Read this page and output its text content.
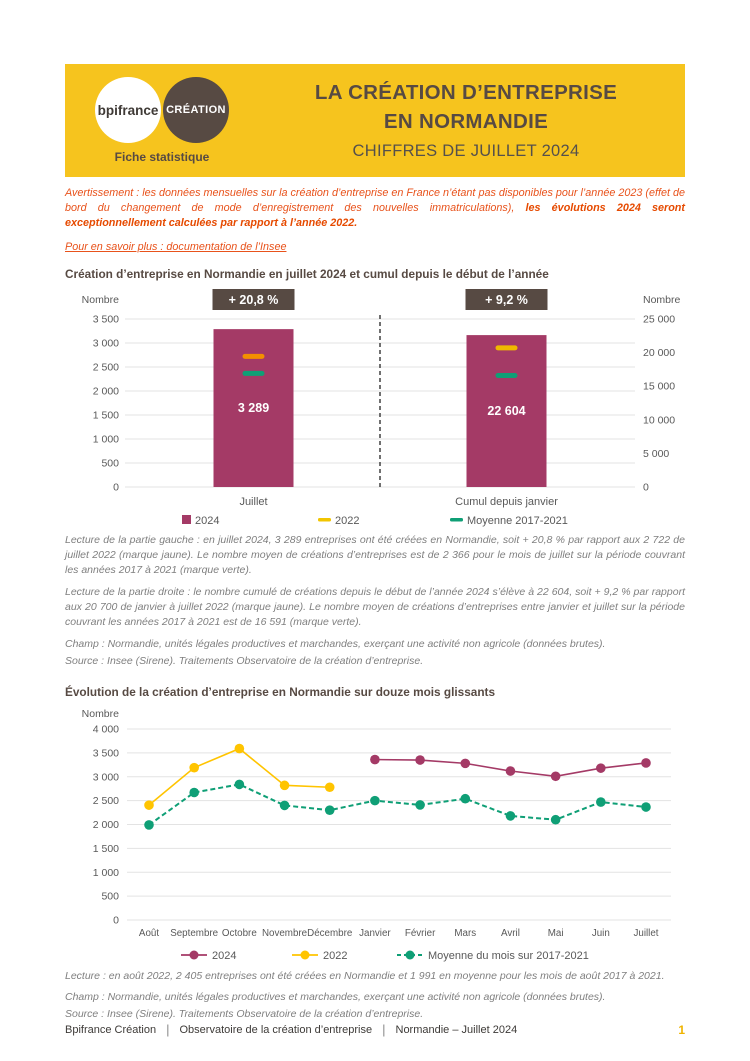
bpifrance CRÉATION
Fiche statistique
LA CRÉATION D’ENTREPRISE
EN NORMANDIE
CHIFFRES DE JUILLET 2024

Avertissement : les données mensuelles sur la création d’entreprise en France n’étant pas disponibles pour l’année 2023 (effet de bord du changement de mode d’enregistrement des nouvelles immatriculations), les évolutions 2024 seront exceptionnellement calculées par rapport à l’année 2022.

Pour en savoir plus : documentation de l’Insee

Création d’entreprise en Normandie en juillet 2024 et cumul depuis le début de l’année
3 500
3 000
2 500
2 000
1 500
1 000
500
0
25 000
20 000
15 000
10 000
5 000
0
Nombre	Nombre
+ 20,8 %
3 289
Juillet
+ 9,2 %
22 604
Cumul depuis janvier
2024	2022	Moyenne 2017-2021

Lecture de la partie gauche : en juillet 2024, 3 289 entreprises ont été créées en Normandie, soit + 20,8 % par rapport aux 2 722 de juillet 2022 (marque jaune). Le nombre moyen de créations d’entreprises est de 2 366 pour le mois de juillet sur la période couvrant les années 2017 à 2021 (marque verte).

Lecture de la partie droite : le nombre cumulé de créations depuis le début de l’année 2024 s’élève à 22 604, soit + 9,2 % par rapport aux 20 700 de janvier à juillet 2022 (marque jaune). Le nombre moyen de créations d’entreprises entre janvier et juillet sur la période couvrant les années 2017 à 2021 est de 16 591 (marque verte).

Champ : Normandie, unités légales productives et marchandes, exerçant une activité non agricole (données brutes).

Source : Insee (Sirene). Traitements Observatoire de la création d’entreprise.

Évolution de la création d’entreprise en Normandie sur douze mois glissants
Nombre
4 000
3 500
3 000
2 500
2 000
1 500
1 000
500
0
Août Septembre Octobre Novembre Décembre Janvier Février Mars	Avril	Mai	Juin Juillet
2024	2022	Moyenne du mois sur 2017-2021

Lecture : en août 2022, 2 405 entreprises ont été créées en Normandie et 1 991 en moyenne pour les mois de août 2017 à 2021.

Champ : Normandie, unités légales productives et marchandes, exerçant une activité non agricole (données brutes).

Source : Insee (Sirene). Traitements Observatoire de la création d’entreprise.

Bpifrance Création | Observatoire de la création d’entreprise | Normandie – Juillet 2024	1
